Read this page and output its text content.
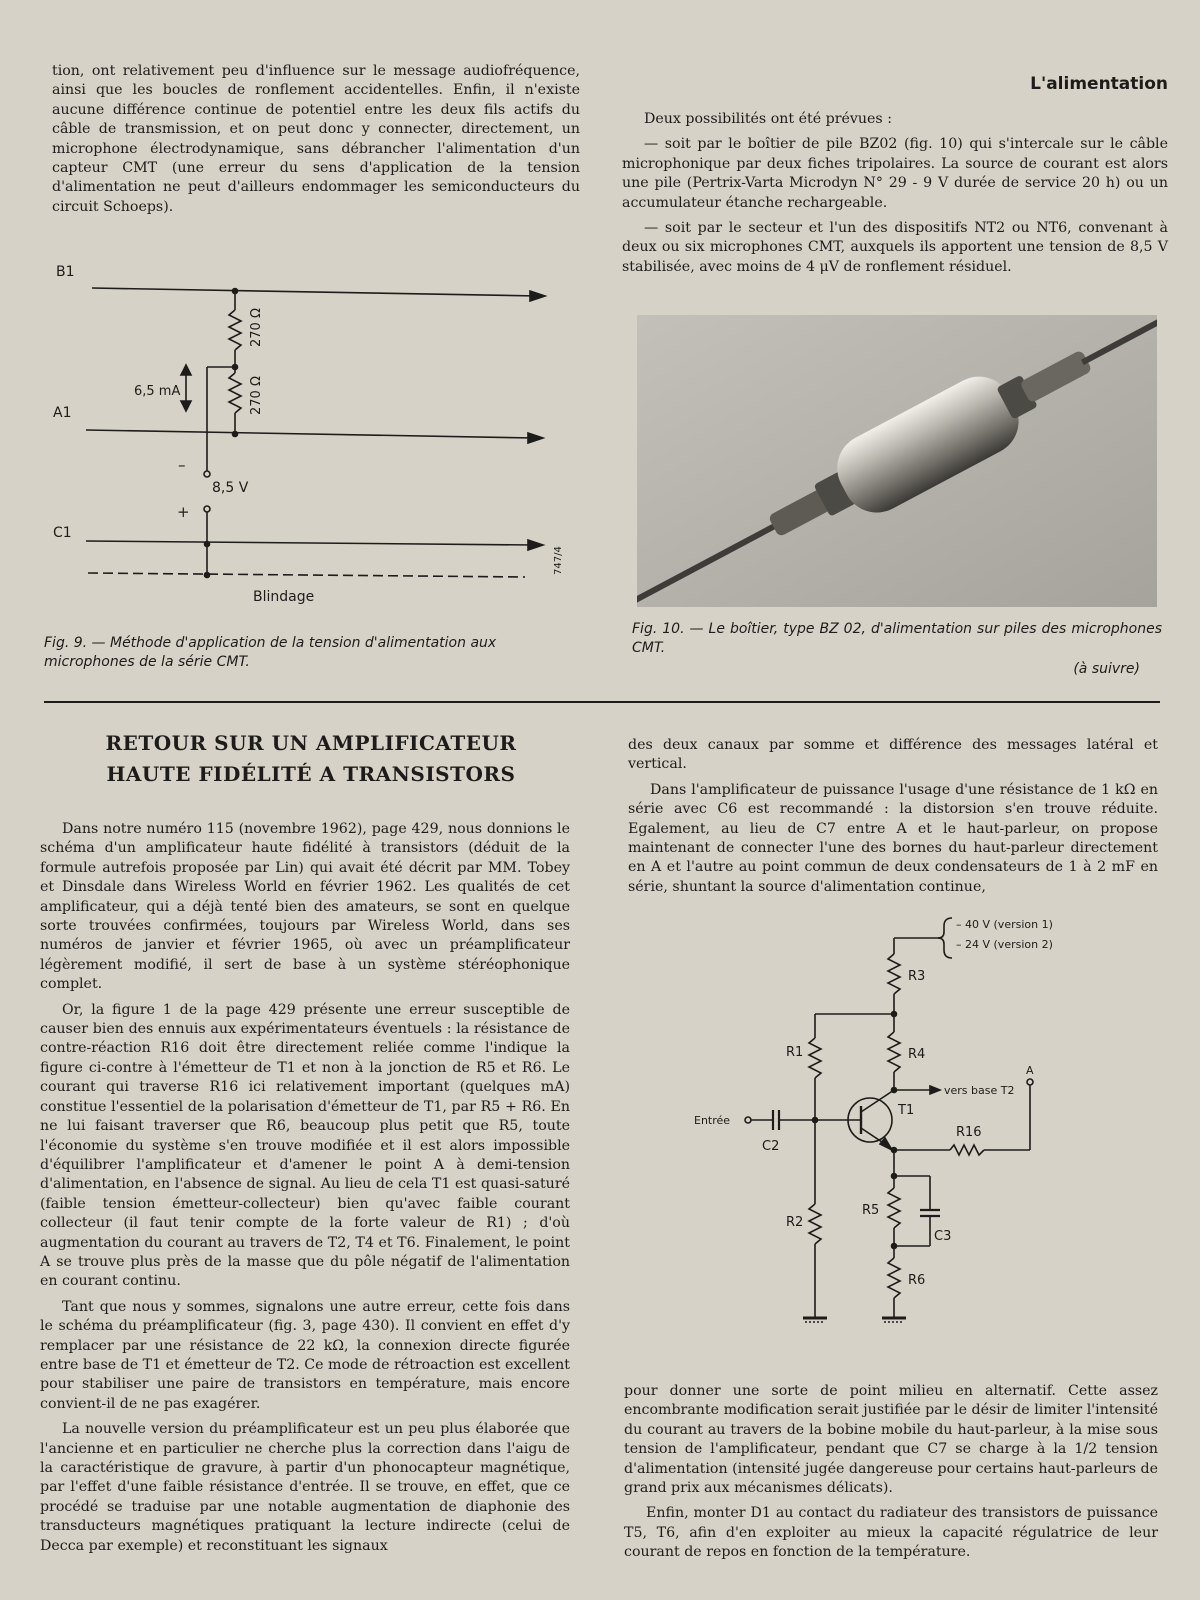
tion, ont relativement peu d'influence sur le message audiofréquence, ainsi que les boucles de ronflement accidentelles. Enfin, il n'existe aucune différence continue de potentiel entre les deux fils actifs du câble de transmission, et on peut donc y connecter, directement, un microphone électrodynamique, sans débrancher l'alimentation d'un capteur CMT (une erreur du sens d'application de la tension d'alimentation ne peut d'ailleurs endommager les semiconducteurs du circuit Schoeps).

B1
A1
C1
270 Ω
270 Ω
6,5 mA
–
8,5 V
+
Blindage
747/4
Fig. 9. — Méthode d'application de la tension d'alimentation aux microphones de la série CMT.
L'alimentation

Deux possibilités ont été prévues :

— soit par le boîtier de pile BZ02 (fig. 10) qui s'intercale sur le câble microphonique par deux fiches tripolaires. La source de courant est alors une pile (Pertrix-Varta Microdyn N° 29 - 9 V durée de service 20 h) ou un accumulateur étanche rechargeable.

— soit par le secteur et l'un des dispositifs NT2 ou NT6, convenant à deux ou six microphones CMT, auxquels ils apportent une tension de 8,5 V stabilisée, avec moins de 4 μV de ronflement résiduel.

Fig. 10. — Le boîtier, type BZ 02, d'alimentation sur piles des microphones CMT.
(à suivre)
RETOUR SUR UN AMPLIFICATEUR
HAUTE FIDÉLITÉ A TRANSISTORS

Dans notre numéro 115 (novembre 1962), page 429, nous donnions le schéma d'un amplificateur haute fidélité à transistors (déduit de la formule autrefois proposée par Lin) qui avait été décrit par MM. Tobey et Dinsdale dans Wireless World en février 1962. Les qualités de cet amplificateur, qui a déjà tenté bien des amateurs, se sont en quelque sorte trouvées confirmées, toujours par Wireless World, dans ses numéros de janvier et février 1965, où avec un préamplificateur légèrement modifié, il sert de base à un système stéréophonique complet.

Or, la figure 1 de la page 429 présente une erreur susceptible de causer bien des ennuis aux expérimentateurs éventuels : la résistance de contre-réaction R16 doit être directement reliée comme l'indique la figure ci-contre à l'émetteur de T1 et non à la jonction de R5 et R6. Le courant qui traverse R16 ici relativement important (quelques mA) constitue l'essentiel de la polarisation d'émetteur de T1, par R5 + R6. En ne lui faisant traverser que R6, beaucoup plus petit que R5, toute l'économie du système s'en trouve modifiée et il est alors impossible d'équilibrer l'amplificateur et d'amener le point A à demi-tension d'alimentation, en l'absence de signal. Au lieu de cela T1 est quasi-saturé (faible tension émetteur-collecteur) bien qu'avec faible courant collecteur (il faut tenir compte de la forte valeur de R1) ; d'où augmentation du courant au travers de T2, T4 et T6. Finalement, le point A se trouve plus près de la masse que du pôle négatif de l'alimentation en courant continu.

Tant que nous y sommes, signalons une autre erreur, cette fois dans le schéma du préamplificateur (fig. 3, page 430). Il convient en effet d'y remplacer par une résistance de 22 kΩ, la connexion directe figurée entre base de T1 et émetteur de T2. Ce mode de rétroaction est excellent pour stabiliser une paire de transistors en température, mais encore convient-il de ne pas exagérer.

La nouvelle version du préamplificateur est un peu plus élaborée que l'ancienne et en particulier ne cherche plus la correction dans l'aigu de la caractéristique de gravure, à partir d'un phonocapteur magnétique, par l'effet d'une faible résistance d'entrée. Il se trouve, en effet, que ce procédé se traduise par une notable augmentation de diaphonie des transducteurs magnétiques pratiquant la lecture indirecte (celui de Decca par exemple) et reconstituant les signaux

des deux canaux par somme et différence des messages latéral et vertical.

Dans l'amplificateur de puissance l'usage d'une résistance de 1 kΩ en série avec C6 est recommandé : la distorsion s'en trouve réduite. Egalement, au lieu de C7 entre A et le haut-parleur, on propose maintenant de connecter l'une des bornes du haut-parleur directement en A et l'autre au point commun de deux condensateurs de 1 à 2 mF en série, shuntant la source d'alimentation continue,

– 40 V (version 1)
– 24 V (version 2)
R3
R1	R4
vers base T2
A
T1
Entrée
C2
R16
R2
R5
C3
R6

pour donner une sorte de point milieu en alternatif. Cette assez encombrante modification serait justifiée par le désir de limiter l'intensité du courant au travers de la bobine mobile du haut-parleur, à la mise sous tension de l'amplificateur, pendant que C7 se charge à la 1/2 tension d'alimentation (intensité jugée dangereuse pour certains haut-parleurs de grand prix aux mécanismes délicats).

Enfin, monter D1 au contact du radiateur des transistors de puissance T5, T6, afin d'en exploiter au mieux la capacité régulatrice de leur courant de repos en fonction de la température.
